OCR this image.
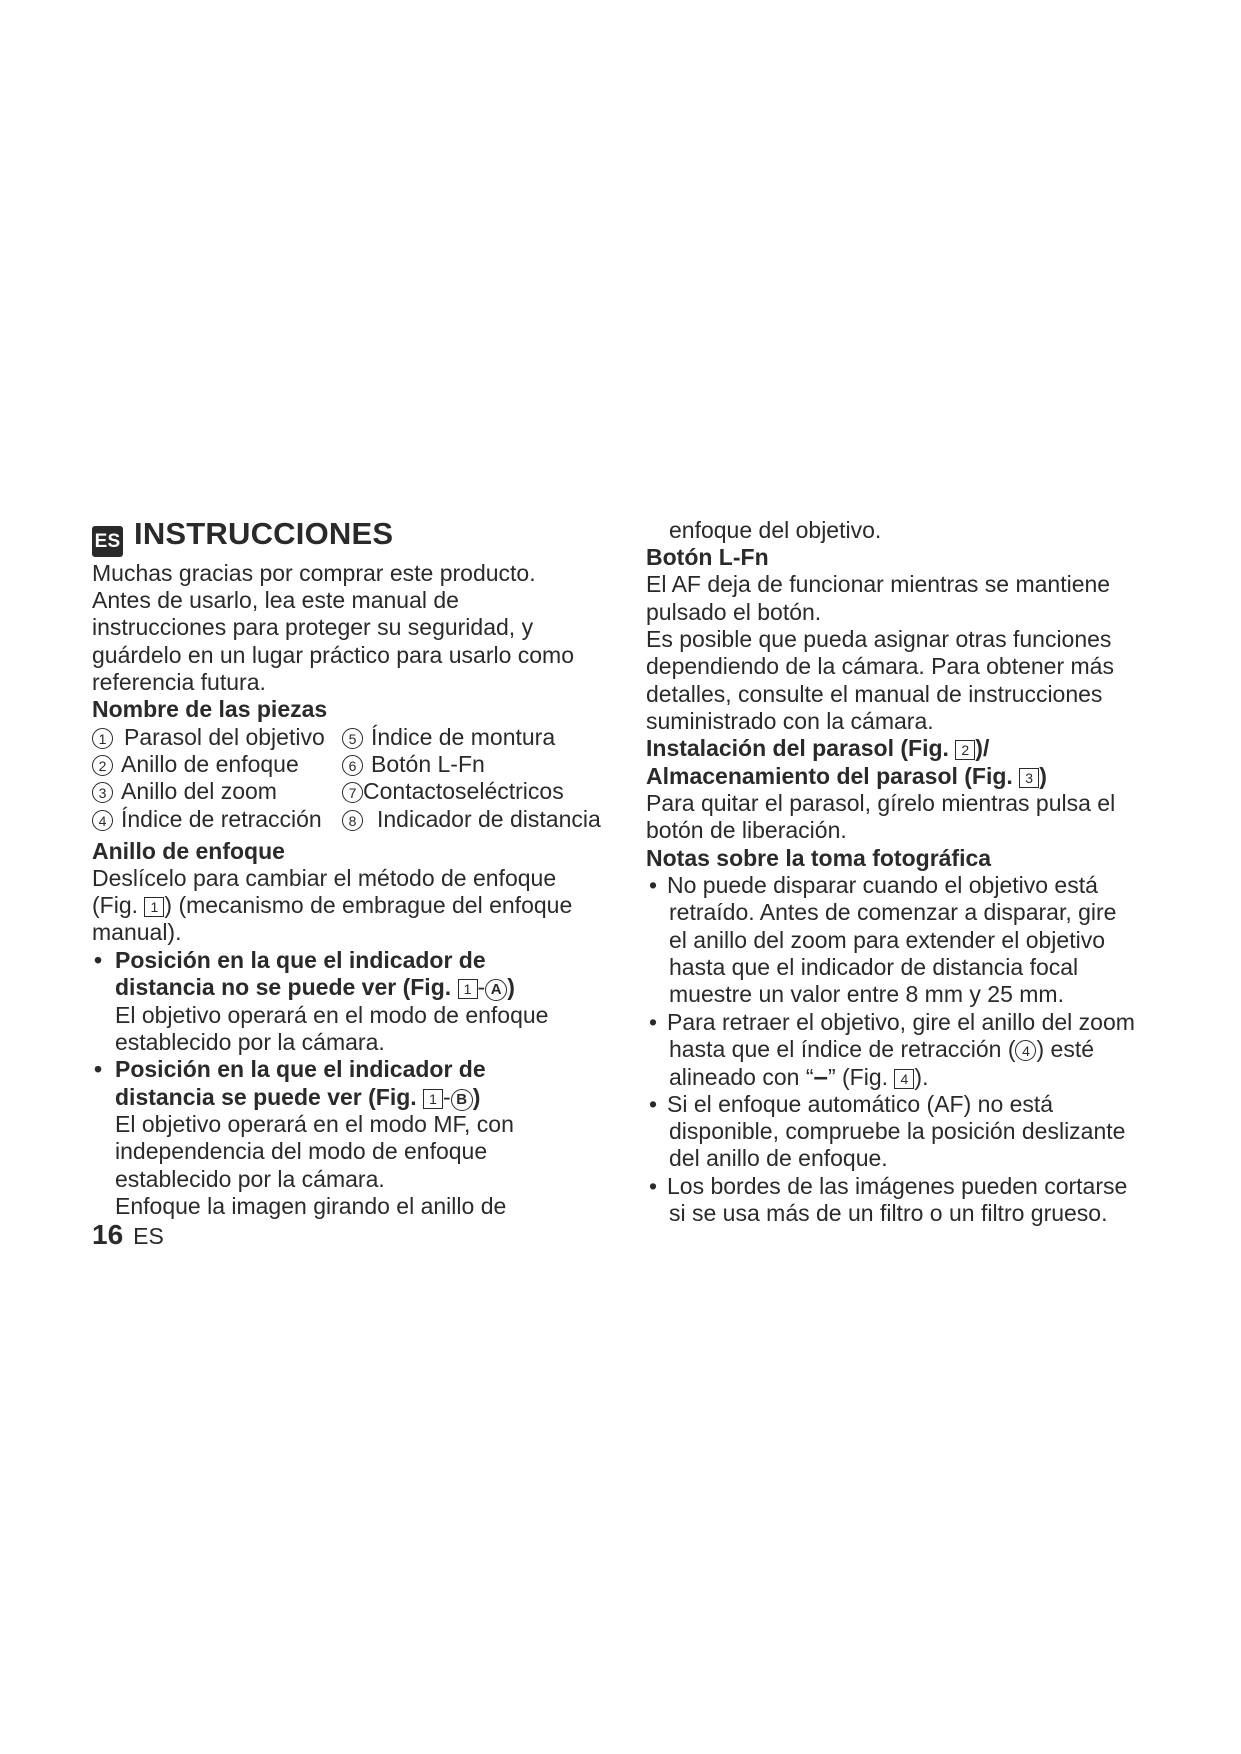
ES INSTRUCCIONES
Muchas gracias por comprar este producto.
Antes de usarlo, lea este manual de
instrucciones para proteger su seguridad, y
guárdelo en un lugar práctico para usarlo como
referencia futura.
Nombre de las piezas
1 Parasol del objetivo
2 Anillo de enfoque
3 Anillo del zoom
4 Índice de retracción
5 Índice de montura
6 Botón L-Fn
7 Contactoseléctricos
8 Indicador de distancia
Anillo de enfoque
Deslícelo para cambiar el método de enfoque
(Fig. 1 ) (mecanismo de embrague del enfoque
manual).
• Posición en la que el indicador de
distancia no se puede ver (Fig. 1 - A )
El objetivo operará en el modo de enfoque
establecido por la cámara.
• Posición en la que el indicador de
distancia se puede ver (Fig. 1 - B )
El objetivo operará en el modo MF, con
independencia del modo de enfoque
establecido por la cámara.
Enfoque la imagen girando el anillo de
16 ES
enfoque del objetivo.
Botón L-Fn
El AF deja de funcionar mientras se mantiene
pulsado el botón.
Es posible que pueda asignar otras funciones
dependiendo de la cámara. Para obtener más
detalles, consulte el manual de instrucciones
suministrado con la cámara.
Instalación del parasol (Fig. 2 )/
Almacenamiento del parasol (Fig. 3 )
Para quitar el parasol, gírelo mientras pulsa el
botón de liberación.
Notas sobre la toma fotográfica
• No puede disparar cuando el objetivo está
retraído. Antes de comenzar a disparar, gire
el anillo del zoom para extender el objetivo
hasta que el indicador de distancia focal
muestre un valor entre 8 mm y 25 mm.
• Para retraer el objetivo, gire el anillo del zoom
hasta que el índice de retracción ( 4 ) esté
alineado con “–” (Fig. 4 ).
• Si el enfoque automático (AF) no está
disponible, compruebe la posición deslizante
del anillo de enfoque.
• Los bordes de las imágenes pueden cortarse
si se usa más de un filtro o un filtro grueso.
